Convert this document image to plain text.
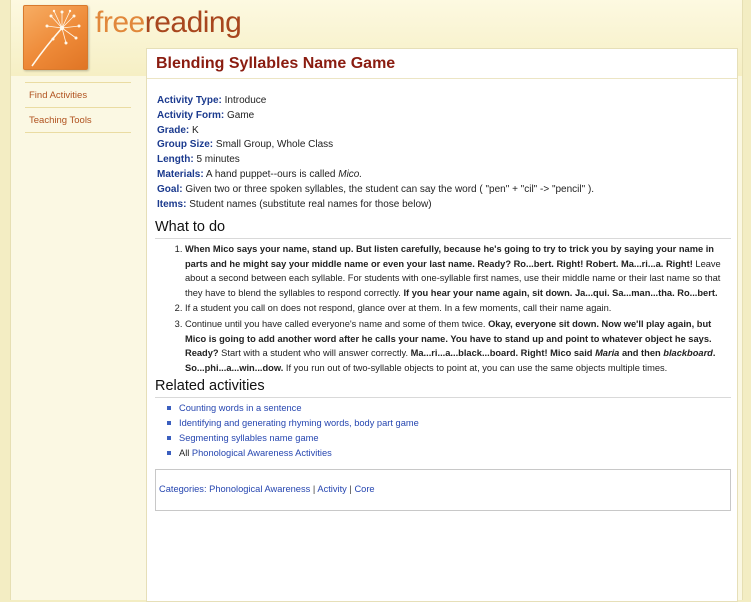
freereading
Find Activities
Teaching Tools
Blending Syllables Name Game
Activity Type: Introduce
Activity Form: Game
Grade: K
Group Size: Small Group, Whole Class
Length: 5 minutes
Materials: A hand puppet--ours is called Mico.
Goal: Given two or three spoken syllables, the student can say the word ( "pen" + "cil" -> "pencil" ).
Items: Student names (substitute real names for those below)
What to do
1. When Mico says your name, stand up. But listen carefully, because he's going to try to trick you by saying your name in parts and he might say your middle name or even your last name. Ready? Ro...bert. Right! Robert. Ma...ri...a. Right! Leave about a second between each syllable. For students with one-syllable first names, use their middle name or their last name so that they have to blend the syllables to respond correctly. If you hear your name again, sit down. Ja...qui. Sa...man...tha. Ro...bert.
2. If a student you call on does not respond, glance over at them. In a few moments, call their name again.
3. Continue until you have called everyone's name and some of them twice. Okay, everyone sit down. Now we'll play again, but Mico is going to add another word after he calls your name. You have to stand up and point to whatever object he says. Ready? Start with a student who will answer correctly. Ma...ri...a...black...board. Right! Mico said Maria and then blackboard. So...phi...a...win...dow. If you run out of two-syllable objects to point at, you can use the same objects multiple times.
Related activities
Counting words in a sentence
Identifying and generating rhyming words, body part game
Segmenting syllables name game
All Phonological Awareness Activities
Categories: Phonological Awareness | Activity | Core
